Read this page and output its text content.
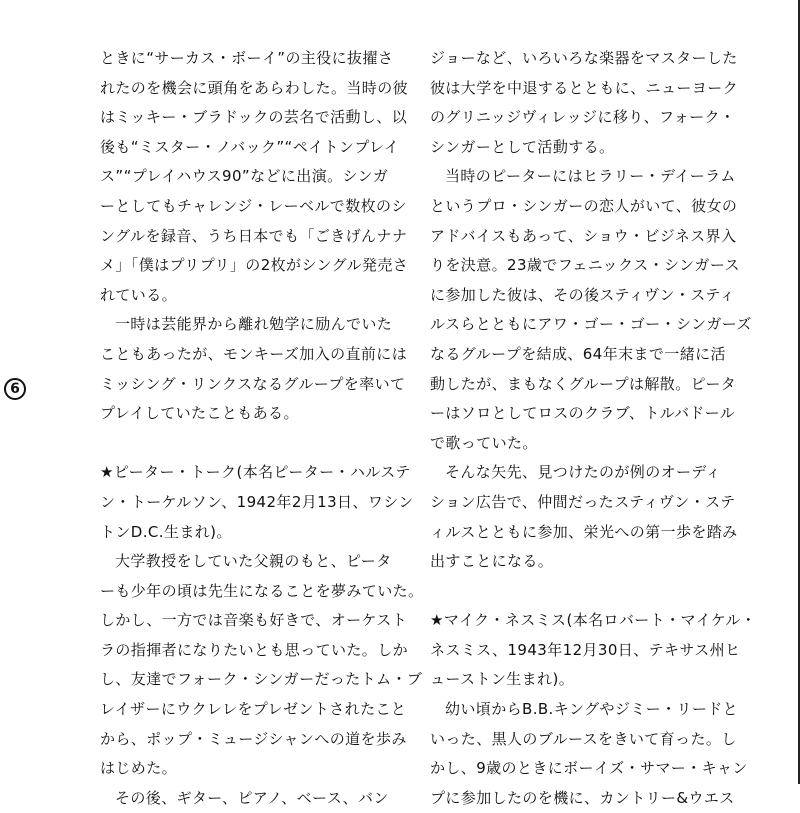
ときに“サーカス・ボーイ”の主役に抜擢さ
れたのを機会に頭角をあらわした。当時の彼
はミッキー・ブラドックの芸名で活動し、以
後も“ミスター・ノバック”“ペイトンプレイ
ス”“プレイハウス90”などに出演。シンガ
ーとしてもチャレンジ・レーベルで数枚のシ
ングルを録音、うち日本でも「ごきげんナナ
メ」「僕はプリプリ」の2枚がシングル発売さ
れている。
一時は芸能界から離れ勉学に励んでいた
こともあったが、モンキーズ加入の直前には
ミッシング・リンクスなるグループを率いて
プレイしていたこともある。
★ピーター・トーク(本名ピーター・ハルステ
ン・トーケルソン、1942年2月13日、ワシン
トンD.C.生まれ)。
大学教授をしていた父親のもと、ピータ
ーも少年の頃は先生になることを夢みていた。
しかし、一方では音楽も好きで、オーケスト
ラの指揮者になりたいとも思っていた。しか
し、友達でフォーク・シンガーだったトム・ブ
レイザーにウクレレをプレゼントされたこと
から、ポップ・ミュージシャンへの道を歩み
はじめた。
その後、ギター、ピアノ、ベース、バン
ジョーなど、いろいろな楽器をマスターした
彼は大学を中退するとともに、ニューヨーク
のグリニッジヴィレッジに移り、フォーク・
シンガーとして活動する。
当時のピーターにはヒラリー・デイーラム
というプロ・シンガーの恋人がいて、彼女の
アドバイスもあって、ショウ・ビジネス界入
りを決意。23歳でフェニックス・シンガース
に参加した彼は、その後スティヴン・スティ
ルスらとともにアワ・ゴー・ゴー・シンガーズ
なるグループを結成、64年末まで一緒に活
動したが、まもなくグループは解散。ピータ
ーはソロとしてロスのクラブ、トルバドール
で歌っていた。
そんな矢先、見つけたのが例のオーディ
ション広告で、仲間だったスティヴン・ステ
ィルスとともに参加、栄光への第一歩を踏み
出すことになる。
★マイク・ネスミス(本名ロバート・マイケル・
ネスミス、1943年12月30日、テキサス州ヒ
ューストン生まれ)。
幼い頃からB.B.キングやジミー・リードと
いった、黒人のブルースをきいて育った。し
かし、9歳のときにボーイズ・サマー・キャン
プに参加したのを機に、カントリー&ウエス
6
